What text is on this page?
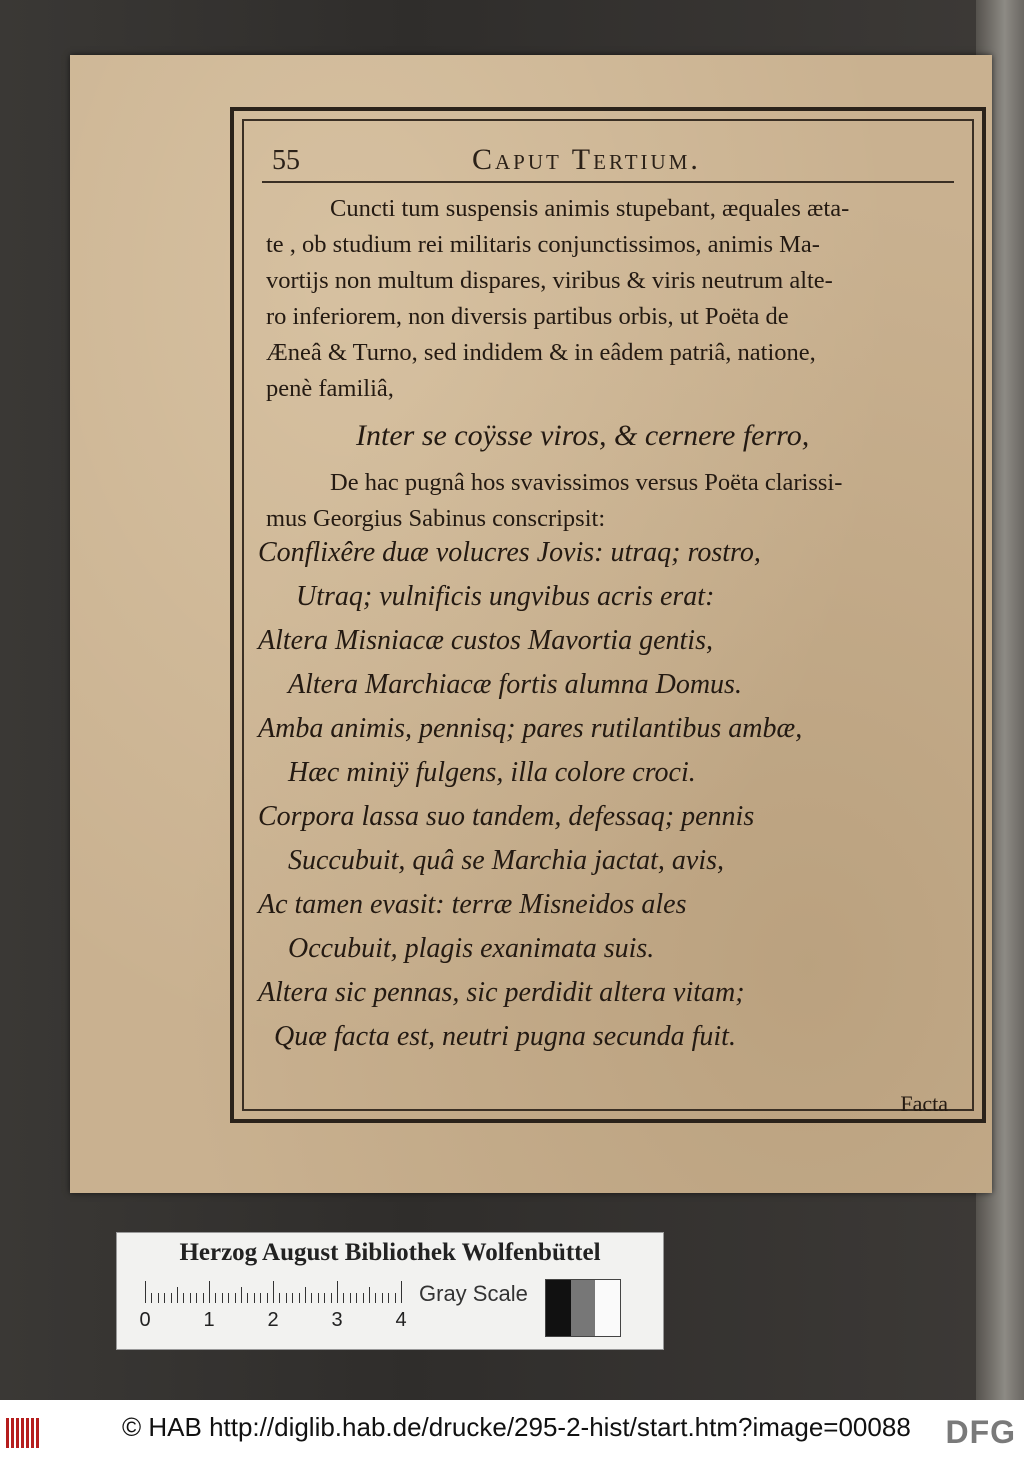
55	Caput Tertium.

Cuncti tum suspensis animis stupebant, æquales æta-

te , ob studium rei militaris conjunctissimos, animis Ma-

vortijs non multum dispares, viribus & viris neutrum alte-

ro inferiorem, non diversis partibus orbis, ut Poëta de

Æneâ & Turno, sed indidem & in eâdem patriâ, natione,

penè familiâ,

Inter se coÿsse viros, & cernere ferro,

De hac pugnâ hos svavissimos versus Poëta clarissi-

mus Georgius Sabinus conscripsit:

Conflixêre duæ volucres Jovis: utraq; rostro,
Utraq; vulnificis ungvibus acris erat:
Altera Misniacæ custos Mavortia gentis,
Altera Marchiacæ fortis alumna Domus.
Amba animis, pennisq; pares rutilantibus ambæ,
Hæc miniÿ fulgens, illa colore croci.
Corpora lassa suo tandem, defessaq; pennis
Succubuit, quâ se Marchia jactat, avis,
Ac tamen evasit: terræ Misneidos ales
Occubuit, plagis exanimata suis.
Altera sic pennas, sic perdidit altera vitam;
Quæ facta est, neutri pugna secunda fuit.
Facta
Herzog August Bibliothek Wolfenbüttel
0	1	2	3	4
Gray Scale
© HAB http://diglib.hab.de/drucke/295-2-hist/start.htm?image=00088 DFG
